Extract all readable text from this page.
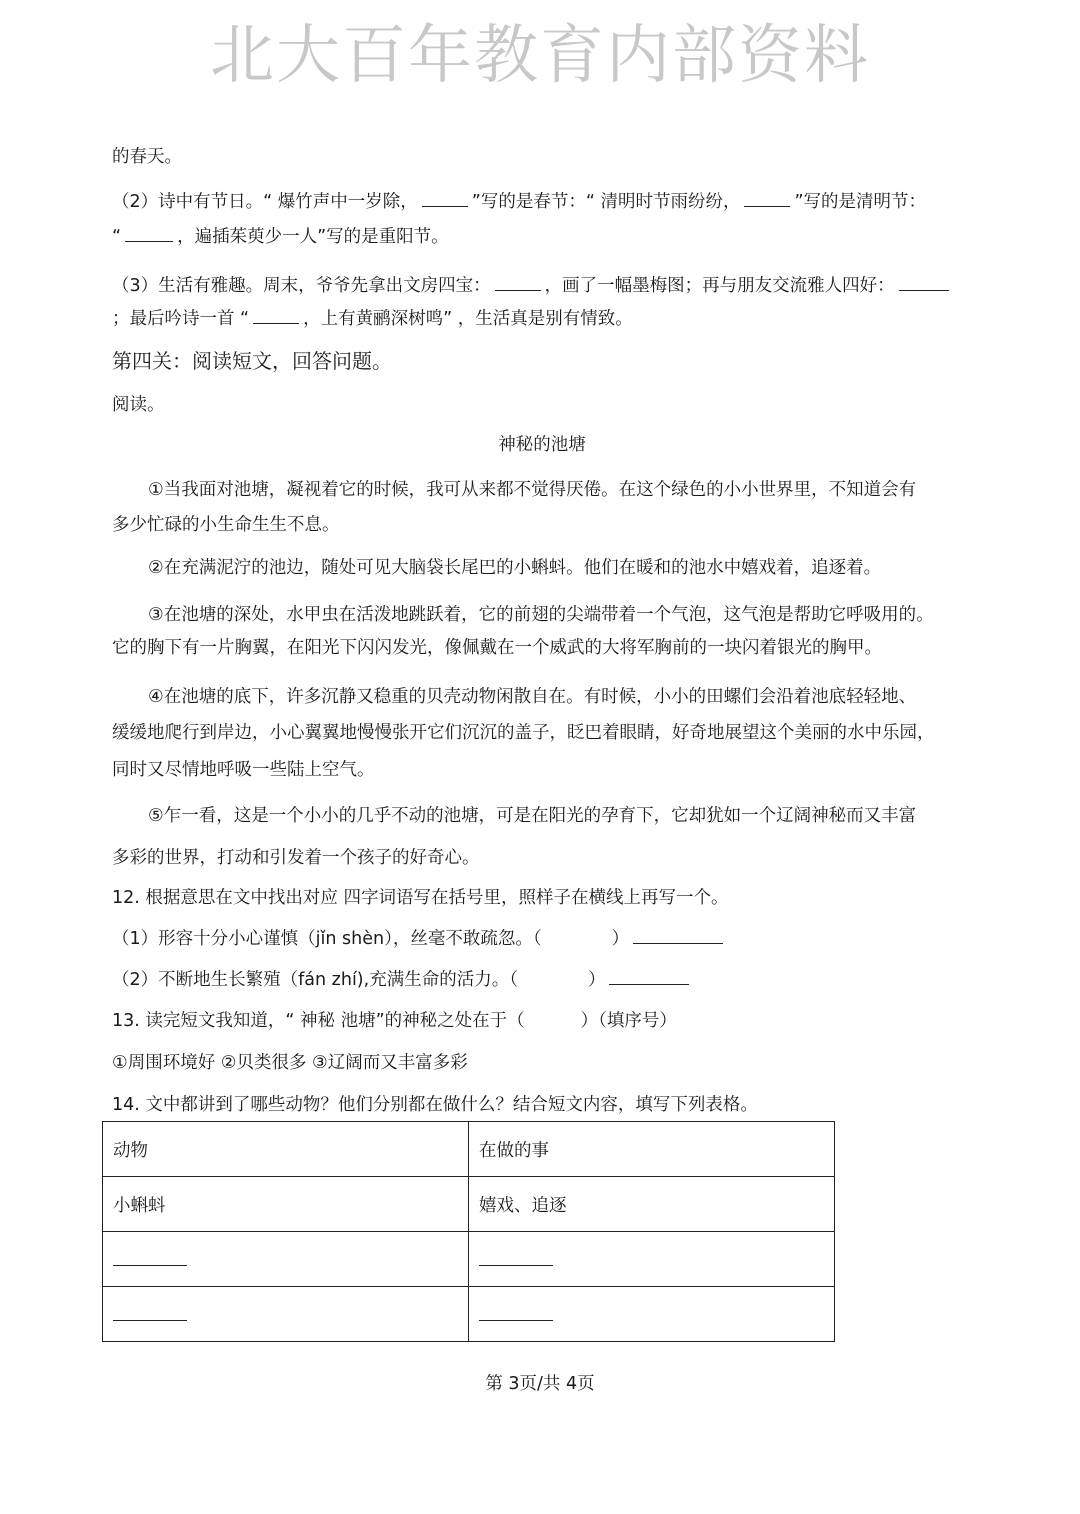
北大百年教育内部资料
的春天。
（2）诗中有节日。“ 爆竹声中一岁除，	”写的是春节：“ 清明时节雨纷纷，	”写的是清明节：
“	，遍插茱萸少一人”写的是重阳节。
（3）生活有雅趣。周末，爷爷先拿出文房四宝：	，画了一幅墨梅图；再与朋友交流雅人四好：
；最后吟诗一首 “	，上有黄鹂深树鸣” ，生活真是别有情致。
第四关：阅读短文，回答问题。
阅读。
神秘的池塘
①当我面对池塘，凝视着它的时候，我可从来都不觉得厌倦。在这个绿色的小小世界里，不知道会有
多少忙碌的小生命生生不息。
②在充满泥泞的池边，随处可见大脑袋长尾巴的小蝌蚪。他们在暖和的池水中嬉戏着，追逐着。
③在池塘的深处，水甲虫在活泼地跳跃着，它的前翅的尖端带着一个气泡，这气泡是帮助它呼吸用的。
它的胸下有一片胸翼，在阳光下闪闪发光，像佩戴在一个威武的大将军胸前的一块闪着银光的胸甲。
④在池塘的底下，许多沉静又稳重的贝壳动物闲散自在。有时候，小小的田螺们会沿着池底轻轻地、
缓缓地爬行到岸边，小心翼翼地慢慢张开它们沉沉的盖子，眨巴着眼睛，好奇地展望这个美丽的水中乐园，
同时又尽情地呼吸一些陆上空气。
⑤乍一看，这是一个小小的几乎不动的池塘，可是在阳光的孕育下，它却犹如一个辽阔神秘而又丰富
多彩的世界，打动和引发着一个孩子的好奇心。
12. 根据意思在文中找出对应 四字词语写在括号里，照样子在横线上再写一个。
（1）形容十分小心谨慎（jǐn shèn），丝毫不敢疏忽。（	）
（2）不断地生长繁殖（fán zhí),充满生命的活力。（	）
13. 读完短文我知道，“ 神秘 池塘”的神秘之处在于（	）（填序号）
①周围环境好 ②贝类很多 ③辽阔而又丰富多彩
14. 文中都讲到了哪些动物？他们分别都在做什么？结合短文内容，填写下列表格。
动物	在做的事
小蝌蚪	嬉戏、追逐

第 3页/共 4页
